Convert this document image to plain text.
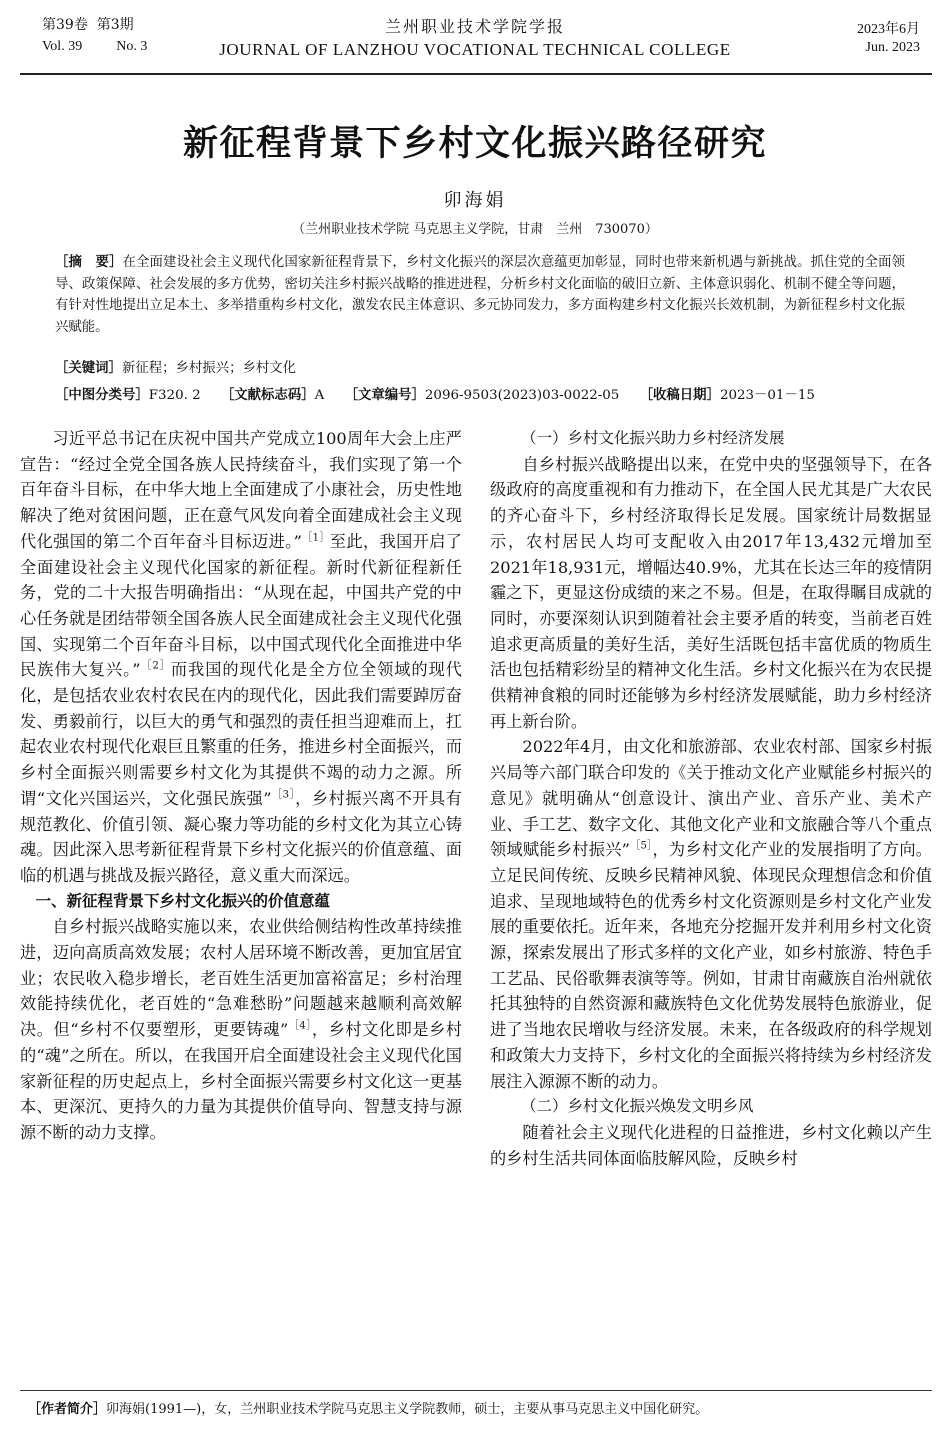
第39卷 第3期
Vol. 39 No. 3
兰州职业技术学院学报
JOURNAL OF LANZHOU VOCATIONAL TECHNICAL COLLEGE
2023年6月
Jun. 2023
新征程背景下乡村文化振兴路径研究
卯海娟
（兰州职业技术学院 马克思主义学院，甘肃　兰州　730070）
［摘　要］在全面建设社会主义现代化国家新征程背景下，乡村文化振兴的深层次意蕴更加彰显，同时也带来新机遇与新挑战。抓住党的全面领导、政策保障、社会发展的多方优势，密切关注乡村振兴战略的推进进程，分析乡村文化面临的破旧立新、主体意识弱化、机制不健全等问题，有针对性地提出立足本土、多举措重构乡村文化，激发农民主体意识、多元协同发力，多方面构建乡村文化振兴长效机制，为新征程乡村文化振兴赋能。
［关键词］新征程；乡村振兴；乡村文化
［中图分类号］F320. 2 ［文献标志码］A ［文章编号］2096-9503(2023)03-0022-05 ［收稿日期］2023－01－15

习近平总书记在庆祝中国共产党成立100周年大会上庄严宣告：“经过全党全国各族人民持续奋斗，我们实现了第一个百年奋斗目标，在中华大地上全面建成了小康社会，历史性地解决了绝对贫困问题，正在意气风发向着全面建成社会主义现代化强国的第二个百年奋斗目标迈进。”$^{[1]}$至此，我国开启了全面建设社会主义现代化国家的新征程。新时代新征程新任务，党的二十大报告明确指出：“从现在起，中国共产党的中心任务就是团结带领全国各族人民全面建成社会主义现代化强国、实现第二个百年奋斗目标，以中国式现代化全面推进中华民族伟大复兴。”$^{[2]}$而我国的现代化是全方位全领域的现代化，是包括农业农村农民在内的现代化，因此我们需要踔厉奋发、勇毅前行，以巨大的勇气和强烈的责任担当迎难而上，扛起农业农村现代化艰巨且繁重的任务，推进乡村全面振兴，而乡村全面振兴则需要乡村文化为其提供不竭的动力之源。所谓“文化兴国运兴，文化强民族强”$^{[3]}$，乡村振兴离不开具有规范教化、价值引领、凝心聚力等功能的乡村文化为其立心铸魂。因此深入思考新征程背景下乡村文化振兴的价值意蕴、面临的机遇与挑战及振兴路径，意义重大而深远。

一、新征程背景下乡村文化振兴的价值意蕴

自乡村振兴战略实施以来，农业供给侧结构性改革持续推进，迈向高质高效发展；农村人居环境不断改善，更加宜居宜业；农民收入稳步增长，老百姓生活更加富裕富足；乡村治理效能持续优化，老百姓的“急难愁盼”问题越来越顺利高效解决。但“乡村不仅要塑形，更要铸魂”$^{[4]}$，乡村文化即是乡村的“魂”之所在。所以，在我国开启全面建设社会主义现代化国家新征程的历史起点上，乡村全面振兴需要乡村文化这一更基本、更深沉、更持久的力量为其提供价值导向、智慧支持与源源不断的动力支撑。

（一）乡村文化振兴助力乡村经济发展

自乡村振兴战略提出以来，在党中央的坚强领导下，在各级政府的高度重视和有力推动下，在全国人民尤其是广大农民的齐心奋斗下，乡村经济取得长足发展。国家统计局数据显示，农村居民人均可支配收入由2017年13,432元增加至2021年18,931元，增幅达40.9%，尤其在长达三年的疫情阴霾之下，更显这份成绩的来之不易。但是，在取得瞩目成就的同时，亦要深刻认识到随着社会主要矛盾的转变，当前老百姓追求更高质量的美好生活，美好生活既包括丰富优质的物质生活也包括精彩纷呈的精神文化生活。乡村文化振兴在为农民提供精神食粮的同时还能够为乡村经济发展赋能，助力乡村经济再上新台阶。

2022年4月，由文化和旅游部、农业农村部、国家乡村振兴局等六部门联合印发的《关于推动文化产业赋能乡村振兴的意见》就明确从“创意设计、演出产业、音乐产业、美术产业、手工艺、数字文化、其他文化产业和文旅融合等八个重点领域赋能乡村振兴”$^{[5]}$，为乡村文化产业的发展指明了方向。立足民间传统、反映乡民精神风貌、体现民众理想信念和价值追求、呈现地域特色的优秀乡村文化资源则是乡村文化产业发展的重要依托。近年来，各地充分挖掘开发并利用乡村文化资源，探索发展出了形式多样的文化产业，如乡村旅游、特色手工艺品、民俗歌舞表演等等。例如，甘肃甘南藏族自治州就依托其独特的自然资源和藏族特色文化优势发展特色旅游业，促进了当地农民增收与经济发展。未来，在各级政府的科学规划和政策大力支持下，乡村文化的全面振兴将持续为乡村经济发展注入源源不断的动力。

（二）乡村文化振兴焕发文明乡风

随着社会主义现代化进程的日益推进，乡村文化赖以产生的乡村生活共同体面临肢解风险，反映乡村

［作者简介］卯海娟(1991—)，女，兰州职业技术学院马克思主义学院教师，硕士，主要从事马克思主义中国化研究。
